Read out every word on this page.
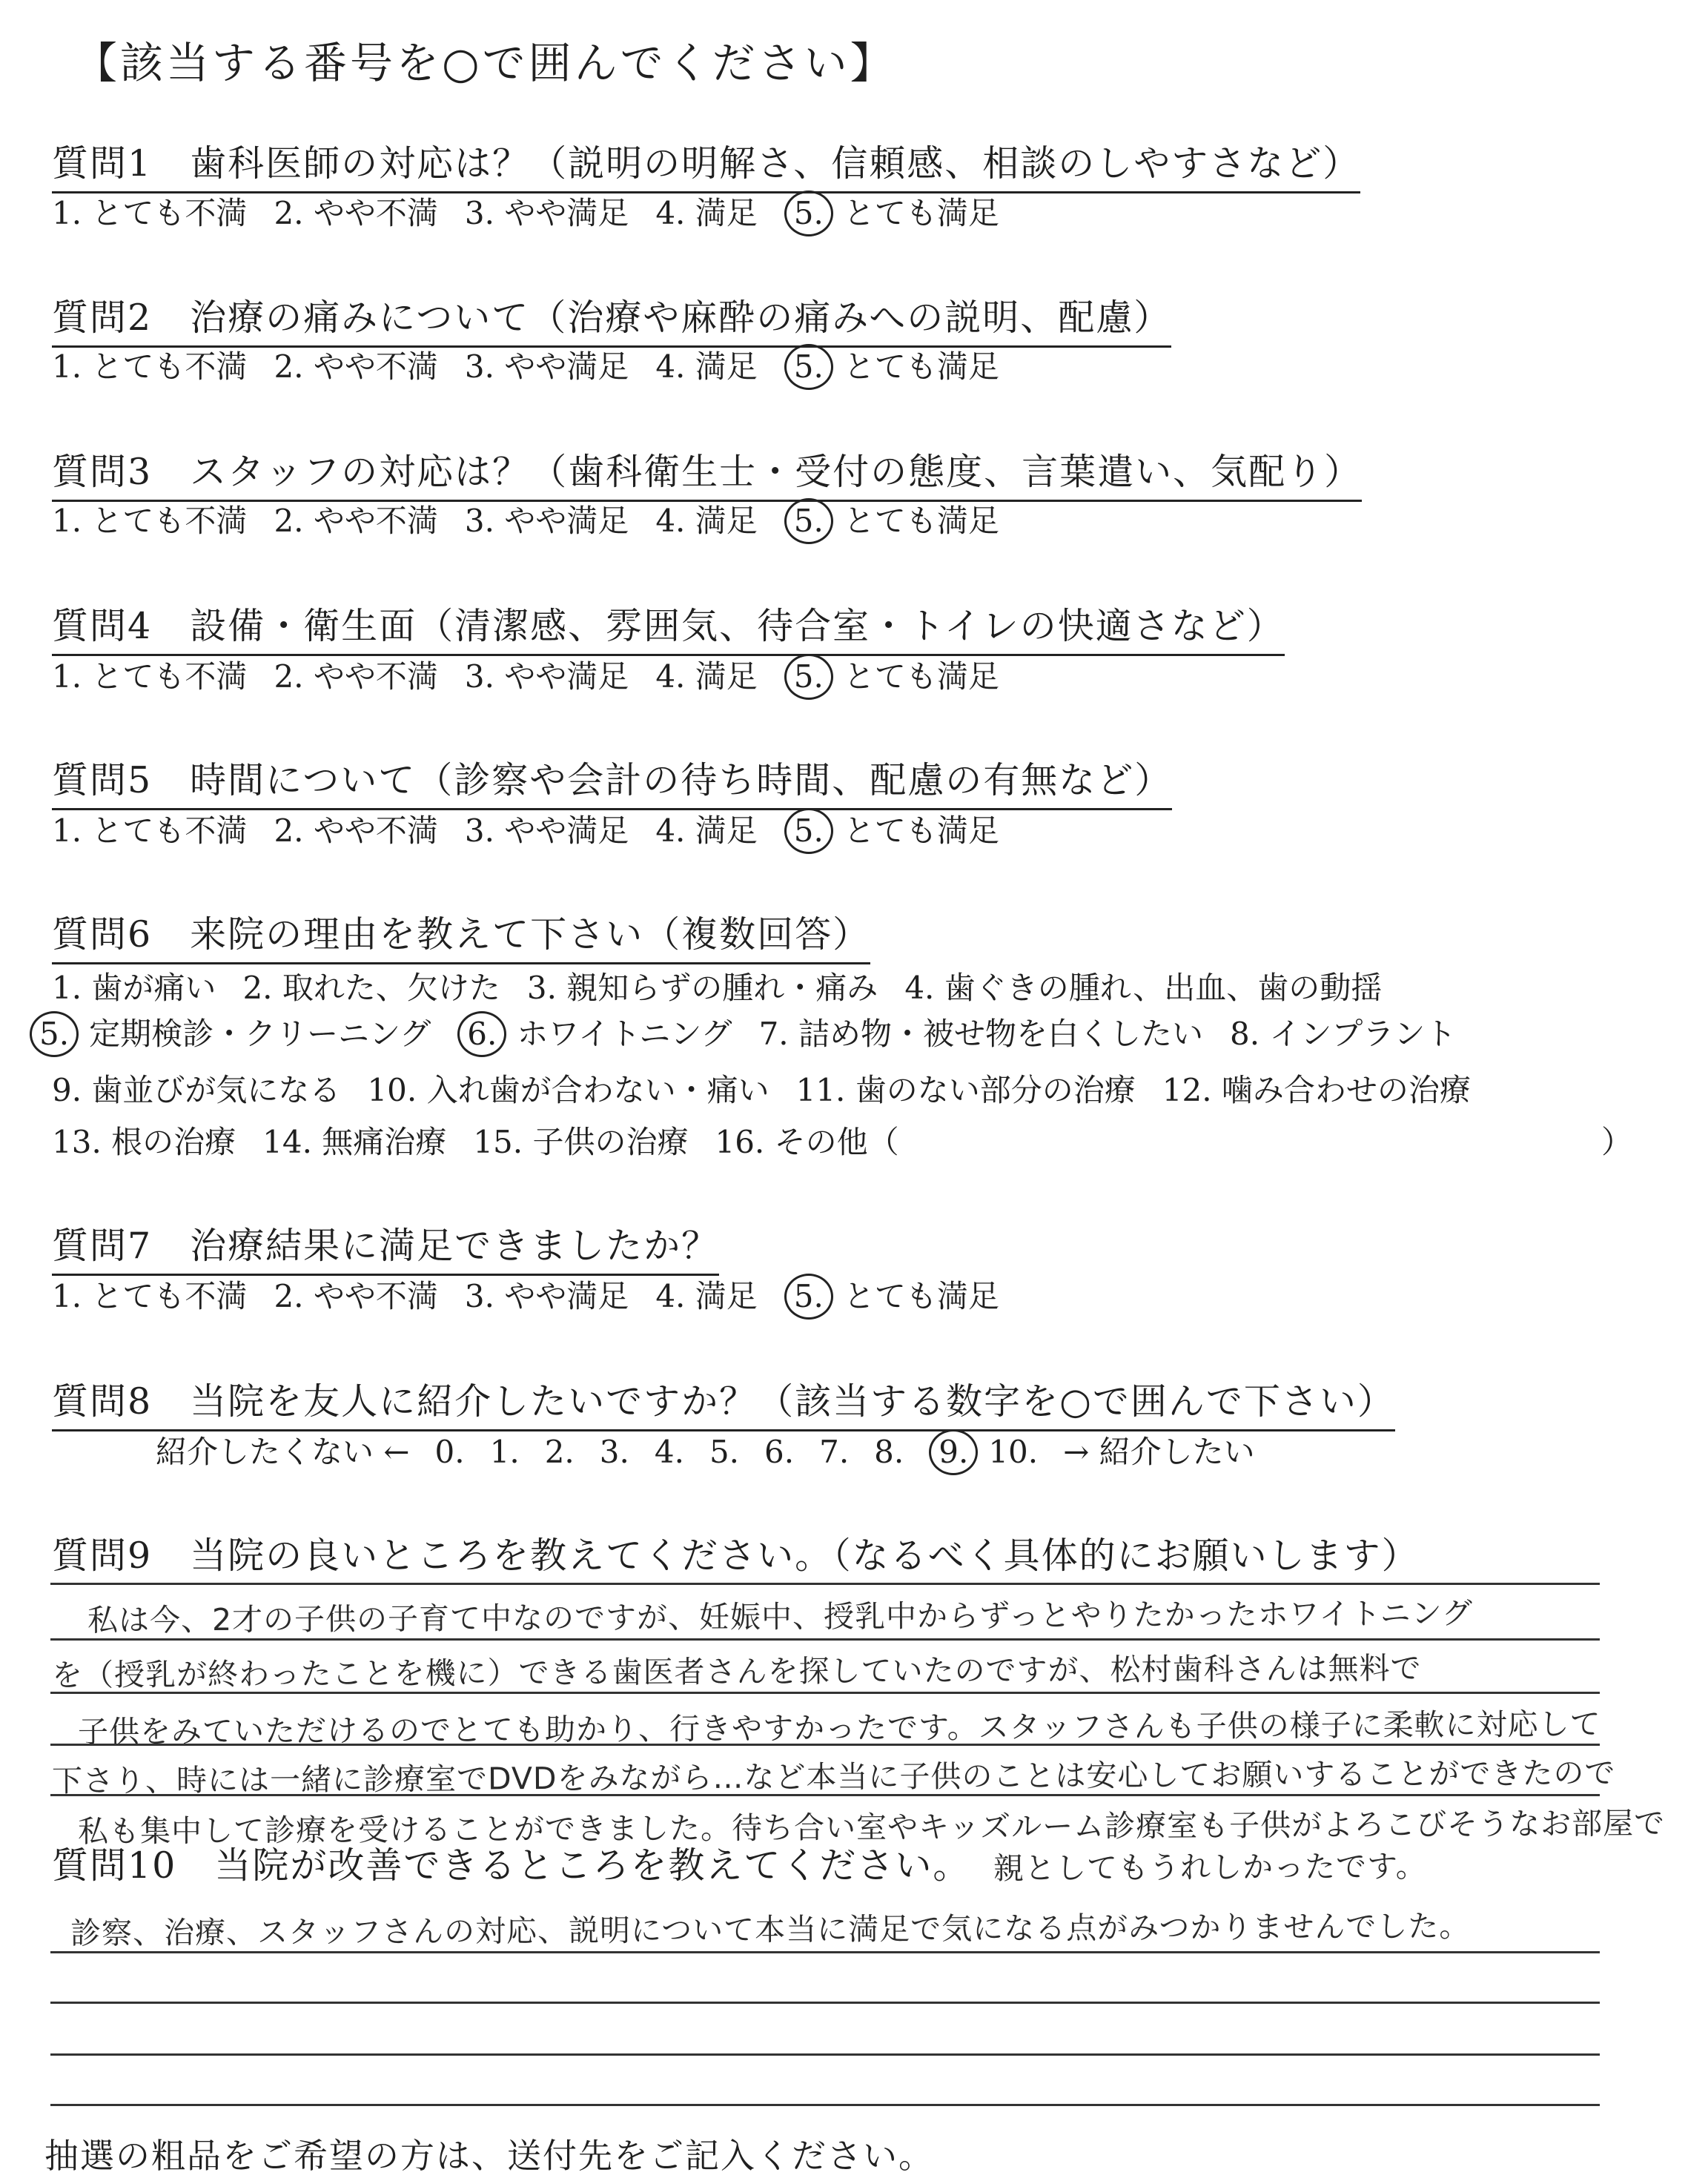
【該当する番号を○で囲んでください】
質問1　歯科医師の対応は？（説明の明解さ、信頼感、相談のしやすさなど）
1. とても不満 2. やや不満 3. やや満足 4. 満足 5. とても満足
質問2　治療の痛みについて（治療や麻酔の痛みへの説明、配慮）
1. とても不満 2. やや不満 3. やや満足 4. 満足 5. とても満足
質問3　スタッフの対応は？（歯科衛生士・受付の態度、言葉遣い、気配り）
1. とても不満 2. やや不満 3. やや満足 4. 満足 5. とても満足
質問4　設備・衛生面（清潔感、雰囲気、待合室・トイレの快適さなど）
1. とても不満 2. やや不満 3. やや満足 4. 満足 5. とても満足
質問5　時間について（診察や会計の待ち時間、配慮の有無など）
1. とても不満 2. やや不満 3. やや満足 4. 満足 5. とても満足
質問6　来院の理由を教えて下さい（複数回答）
1. 歯が痛い 2. 取れた、欠けた 3. 親知らずの腫れ・痛み 4. 歯ぐきの腫れ、出血、歯の動揺
5. 定期検診・クリーニング 6. ホワイトニング 7. 詰め物・被せ物を白くしたい 8. インプラント
9. 歯並びが気になる 10. 入れ歯が合わない・痛い 11. 歯のない部分の治療 12. 噛み合わせの治療
13. 根の治療 14. 無痛治療 15. 子供の治療 16. その他（	）
質問7　治療結果に満足できましたか？
1. とても不満 2. やや不満 3. やや満足 4. 満足 5. とても満足
質問8　当院を友人に紹介したいですか？（該当する数字を○で囲んで下さい）
紹介したくない ← 0. 1. 2. 3. 4. 5. 6. 7. 8. 9. 10. → 紹介したい
質問9　当院の良いところを教えてください。（なるべく具体的にお願いします）
私は今、2才の子供の子育て中なのですが、妊娠中、授乳中からずっとやりたかったホワイトニング
を（授乳が終わったことを機に）できる歯医者さんを探していたのですが、松村歯科さんは無料で
子供をみていただけるのでとても助かり、行きやすかったです。スタッフさんも子供の様子に柔軟に対応して
下さり、時には一緒に診療室でDVDをみながら…など本当に子供のことは安心してお願いすることができたので
私も集中して診療を受けることができました。待ち合い室やキッズルーム診療室も子供がよろこびそうなお部屋で
質問10　当院が改善できるところを教えてください。 親としてもうれしかったです。
診察、治療、スタッフさんの対応、説明について本当に満足で気になる点がみつかりませんでした。
抽選の粗品をご希望の方は、送付先をご記入ください。
